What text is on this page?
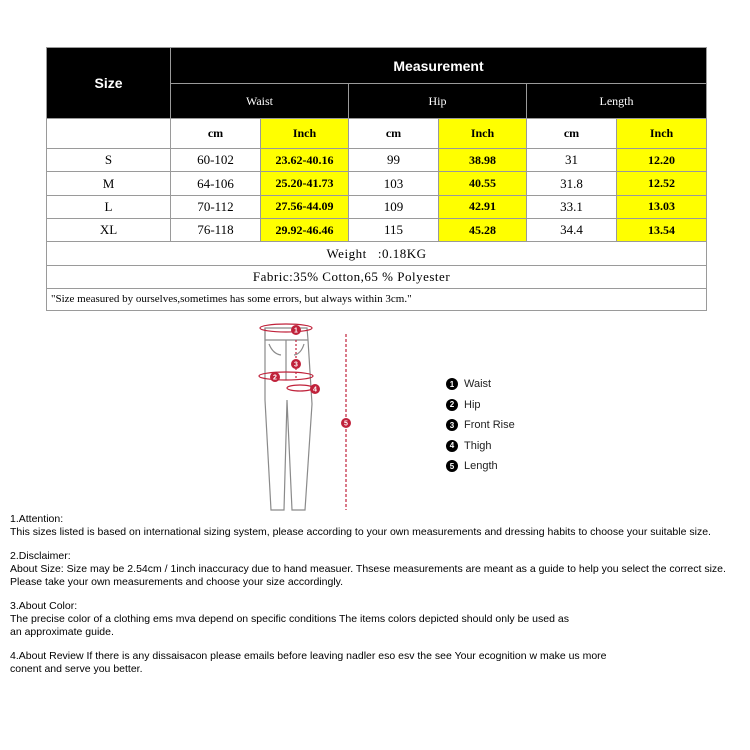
Size	Measurement					
	Waist		Hip		Length	
	cm	Inch	cm	Inch	cm	Inch
S	60-102	23.62-40.16	99	38.98	31	12.20
M	64-106	25.20-41.73	103	40.55	31.8	12.52
L	70-112	27.56-44.09	109	42.91	33.1	13.03
XL	76-118	29.92-46.46	115	45.28	34.4	13.54
Weight   :0.18KG						
Fabric:35% Cotton,65 % Polyester						
"Size measured by ourselves,sometimes has some errors, but always within 3cm."						
1
2
3
4
5
1 Waist
2 Hip
3 Front Rise
4 Thigh
5 Length

1.Attention:
This sizes listed is based on international sizing system, please according to your own measurements and dressing habits to choose your suitable size.

2.Disclaimer:
About Size: Size may be 2.54cm / 1inch inaccuracy due to hand measuer. Thsese measurements are meant as a guide to help you select the correct size.
Please take your own measurements and choose your size accordingly.

3.About Color:
The precise color of a clothing ems mva depend on specific conditions The items colors depicted should only be used as
an approximate guide.

4.About Review If there is any dissaisacon please emails before leaving nadler eso esv the see Your ecognition w make us more
conent and serve you better.
